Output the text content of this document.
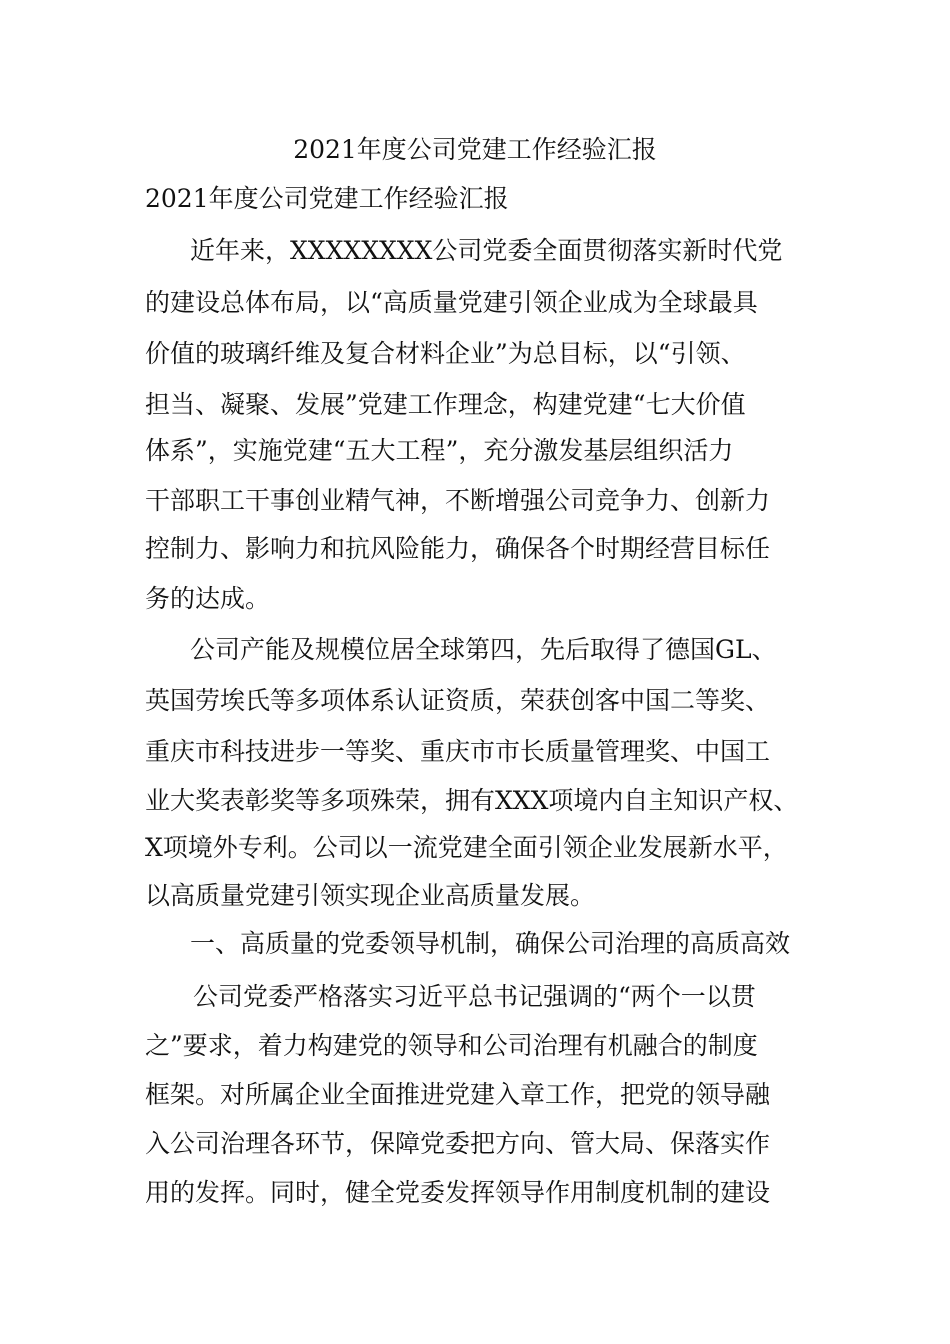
2021年度公司党建工作经验汇报
2021年度公司党建工作经验汇报
近年来，XXXXXXXX公司党委全面贯彻落实新时代党
的建设总体布局，以“高质量党建引领企业成为全球最具
价值的玻璃纤维及复合材料企业”为总目标，以“引领、
担当、凝聚、发展”党建工作理念，构建党建“七大价值
体系”，实施党建“五大工程”，充分激发基层组织活力
干部职工干事创业精气神，不断增强公司竞争力、创新力
控制力、影响力和抗风险能力，确保各个时期经营目标任
务的达成。
公司产能及规模位居全球第四，先后取得了德国GL、
英国劳埃氏等多项体系认证资质，荣获创客中国二等奖、
重庆市科技进步一等奖、重庆市市长质量管理奖、中国工
业大奖表彰奖等多项殊荣，拥有XXX项境内自主知识产权、
X项境外专利。公司以一流党建全面引领企业发展新水平，
以高质量党建引领实现企业高质量发展。
一、高质量的党委领导机制，确保公司治理的高质高效
公司党委严格落实习近平总书记强调的“两个一以贯
之”要求，着力构建党的领导和公司治理有机融合的制度
框架。对所属企业全面推进党建入章工作，把党的领导融
入公司治理各环节，保障党委把方向、管大局、保落实作
用的发挥。同时，健全党委发挥领导作用制度机制的建设
